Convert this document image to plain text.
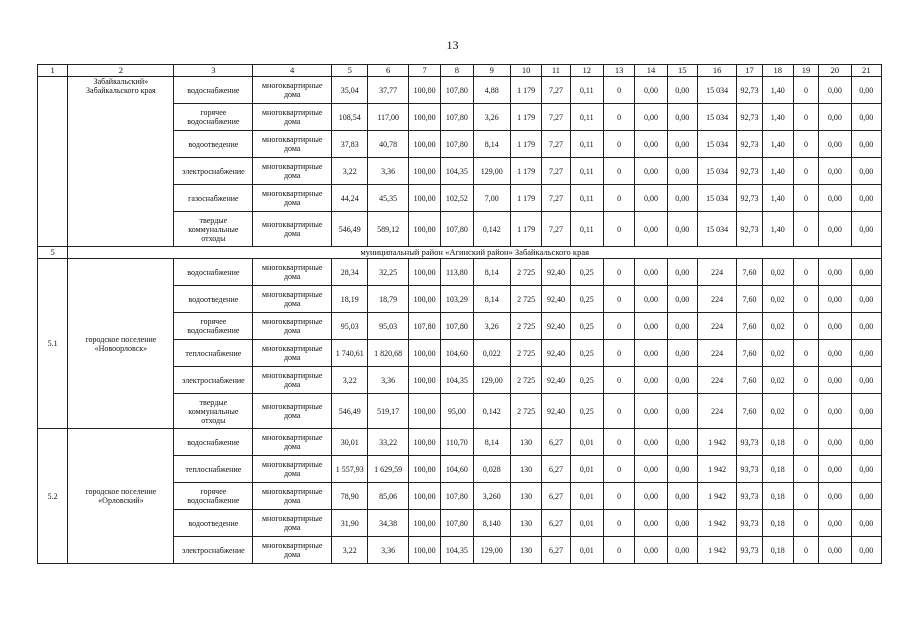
13
1	2	3	4	5	6	7	8	9	10	11	12	13	14	15	16	17	18	19	20	21
	Забайкальский» Забайкальского края	водоснабжение	многоквартирные дома	35,04	37,77	100,00	107,80	4,88	1 179	7,27	0,11	0	0,00	0,00	15 034	92,73	1,40	0	0,00	0,00
		горячее водоснабжение	многоквартирные дома	108,54	117,00	100,00	107,80	3,26	1 179	7,27	0,11	0	0,00	0,00	15 034	92,73	1,40	0	0,00	0,00
		водоотведение	многоквартирные дома	37,83	40,78	100,00	107,80	8,14	1 179	7,27	0,11	0	0,00	0,00	15 034	92,73	1,40	0	0,00	0,00
		электроснабжение	многоквартирные дома	3,22	3,36	100,00	104,35	129,00	1 179	7,27	0,11	0	0,00	0,00	15 034	92,73	1,40	0	0,00	0,00
		газоснабжение	многоквартирные дома	44,24	45,35	100,00	102,52	7,00	1 179	7,27	0,11	0	0,00	0,00	15 034	92,73	1,40	0	0,00	0,00
		твердые коммунальные отходы	многоквартирные дома	546,49	589,12	100,00	107,80	0,142	1 179	7,27	0,11	0	0,00	0,00	15 034	92,73	1,40	0	0,00	0,00
5	муниципальный район «Агинский район» Забайкальского края																			
5.1	городское поселение «Новоорловск»	водоснабжение	многоквартирные дома	28,34	32,25	100,00	113,80	8,14	2 725	92,40	0,25	0	0,00	0,00	224	7,60	0,02	0	0,00	0,00
		водоотведение	многоквартирные дома	18,19	18,79	100,00	103,29	8,14	2 725	92,40	0,25	0	0,00	0,00	224	7,60	0,02	0	0,00	0,00
		горячее водоснабжение	многоквартирные дома	95,03	95,03	107,80	107,80	3,26	2 725	92,40	0,25	0	0,00	0,00	224	7,60	0,02	0	0,00	0,00
		теплоснабжение	многоквартирные дома	1 740,61	1 820,68	100,00	104,60	0,022	2 725	92,40	0,25	0	0,00	0,00	224	7,60	0,02	0	0,00	0,00
		электроснабжение	многоквартирные дома	3,22	3,36	100,00	104,35	129,00	2 725	92,40	0,25	0	0,00	0,00	224	7,60	0,02	0	0,00	0,00
		твердые коммунальные отходы	многоквартирные дома	546,49	519,17	100,00	95,00	0,142	2 725	92,40	0,25	0	0,00	0,00	224	7,60	0,02	0	0,00	0,00
5.2	городское поселение «Орловский»	водоснабжение	многоквартирные дома	30,01	33,22	100,00	110,70	8,14	130	6,27	0,01	0	0,00	0,00	1 942	93,73	0,18	0	0,00	0,00
		теплоснабжение	многоквартирные дома	1 557,93	1 629,59	100,00	104,60	0,028	130	6,27	0,01	0	0,00	0,00	1 942	93,73	0,18	0	0,00	0,00
		горячее водоснабжение	многоквартирные дома	78,90	85,06	100,00	107,80	3,260	130	6,27	0,01	0	0,00	0,00	1 942	93,73	0,18	0	0,00	0,00
		водоотведение	многоквартирные дома	31,90	34,38	100,00	107,80	8,140	130	6,27	0,01	0	0,00	0,00	1 942	93,73	0,18	0	0,00	0,00
		электроснабжение	многоквартирные дома	3,22	3,36	100,00	104,35	129,00	130	6,27	0,01	0	0,00	0,00	1 942	93,73	0,18	0	0,00	0,00
